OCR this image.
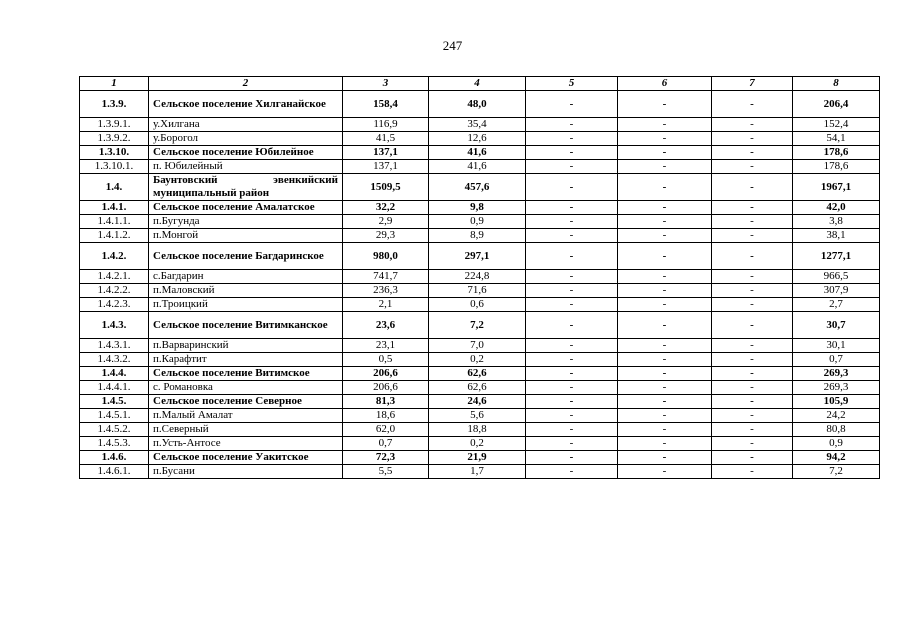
247
1	2	3	4	5	6	7	8
1.3.9.	Сельское поселение Хилганайское	158,4	48,0	-	-	-	206,4
1.3.9.1.	у.Хилгана	116,9	35,4	-	-	-	152,4
1.3.9.2.	у.Борогол	41,5	12,6	-	-	-	54,1
1.3.10.	Сельское поселение Юбилейное	137,1	41,6	-	-	-	178,6
1.3.10.1.	п. Юбилейный	137,1	41,6	-	-	-	178,6
1.4.	Баунтовский эвенкийский муниципальный район	1509,5	457,6	-	-	-	1967,1
1.4.1.	Сельское поселение Амалатское	32,2	9,8	-	-	-	42,0
1.4.1.1.	п.Бугунда	2,9	0,9	-	-	-	3,8
1.4.1.2.	п.Монгой	29,3	8,9	-	-	-	38,1
1.4.2.	Сельское поселение Багдаринское	980,0	297,1	-	-	-	1277,1
1.4.2.1.	с.Багдарин	741,7	224,8	-	-	-	966,5
1.4.2.2.	п.Маловский	236,3	71,6	-	-	-	307,9
1.4.2.3.	п.Троицкий	2,1	0,6	-	-	-	2,7
1.4.3.	Сельское поселение Витимканское	23,6	7,2	-	-	-	30,7
1.4.3.1.	п.Варваринский	23,1	7,0	-	-	-	30,1
1.4.3.2.	п.Карафтит	0,5	0,2	-	-	-	0,7
1.4.4.	Сельское поселение Витимское	206,6	62,6	-	-	-	269,3
1.4.4.1.	с. Романовка	206,6	62,6	-	-	-	269,3
1.4.5.	Сельское поселение Северное	81,3	24,6	-	-	-	105,9
1.4.5.1.	п.Малый Амалат	18,6	5,6	-	-	-	24,2
1.4.5.2.	п.Северный	62,0	18,8	-	-	-	80,8
1.4.5.3.	п.Усть-Антосе	0,7	0,2	-	-	-	0,9
1.4.6.	Сельское поселение Уакитское	72,3	21,9	-	-	-	94,2
1.4.6.1.	п.Бусани	5,5	1,7	-	-	-	7,2
